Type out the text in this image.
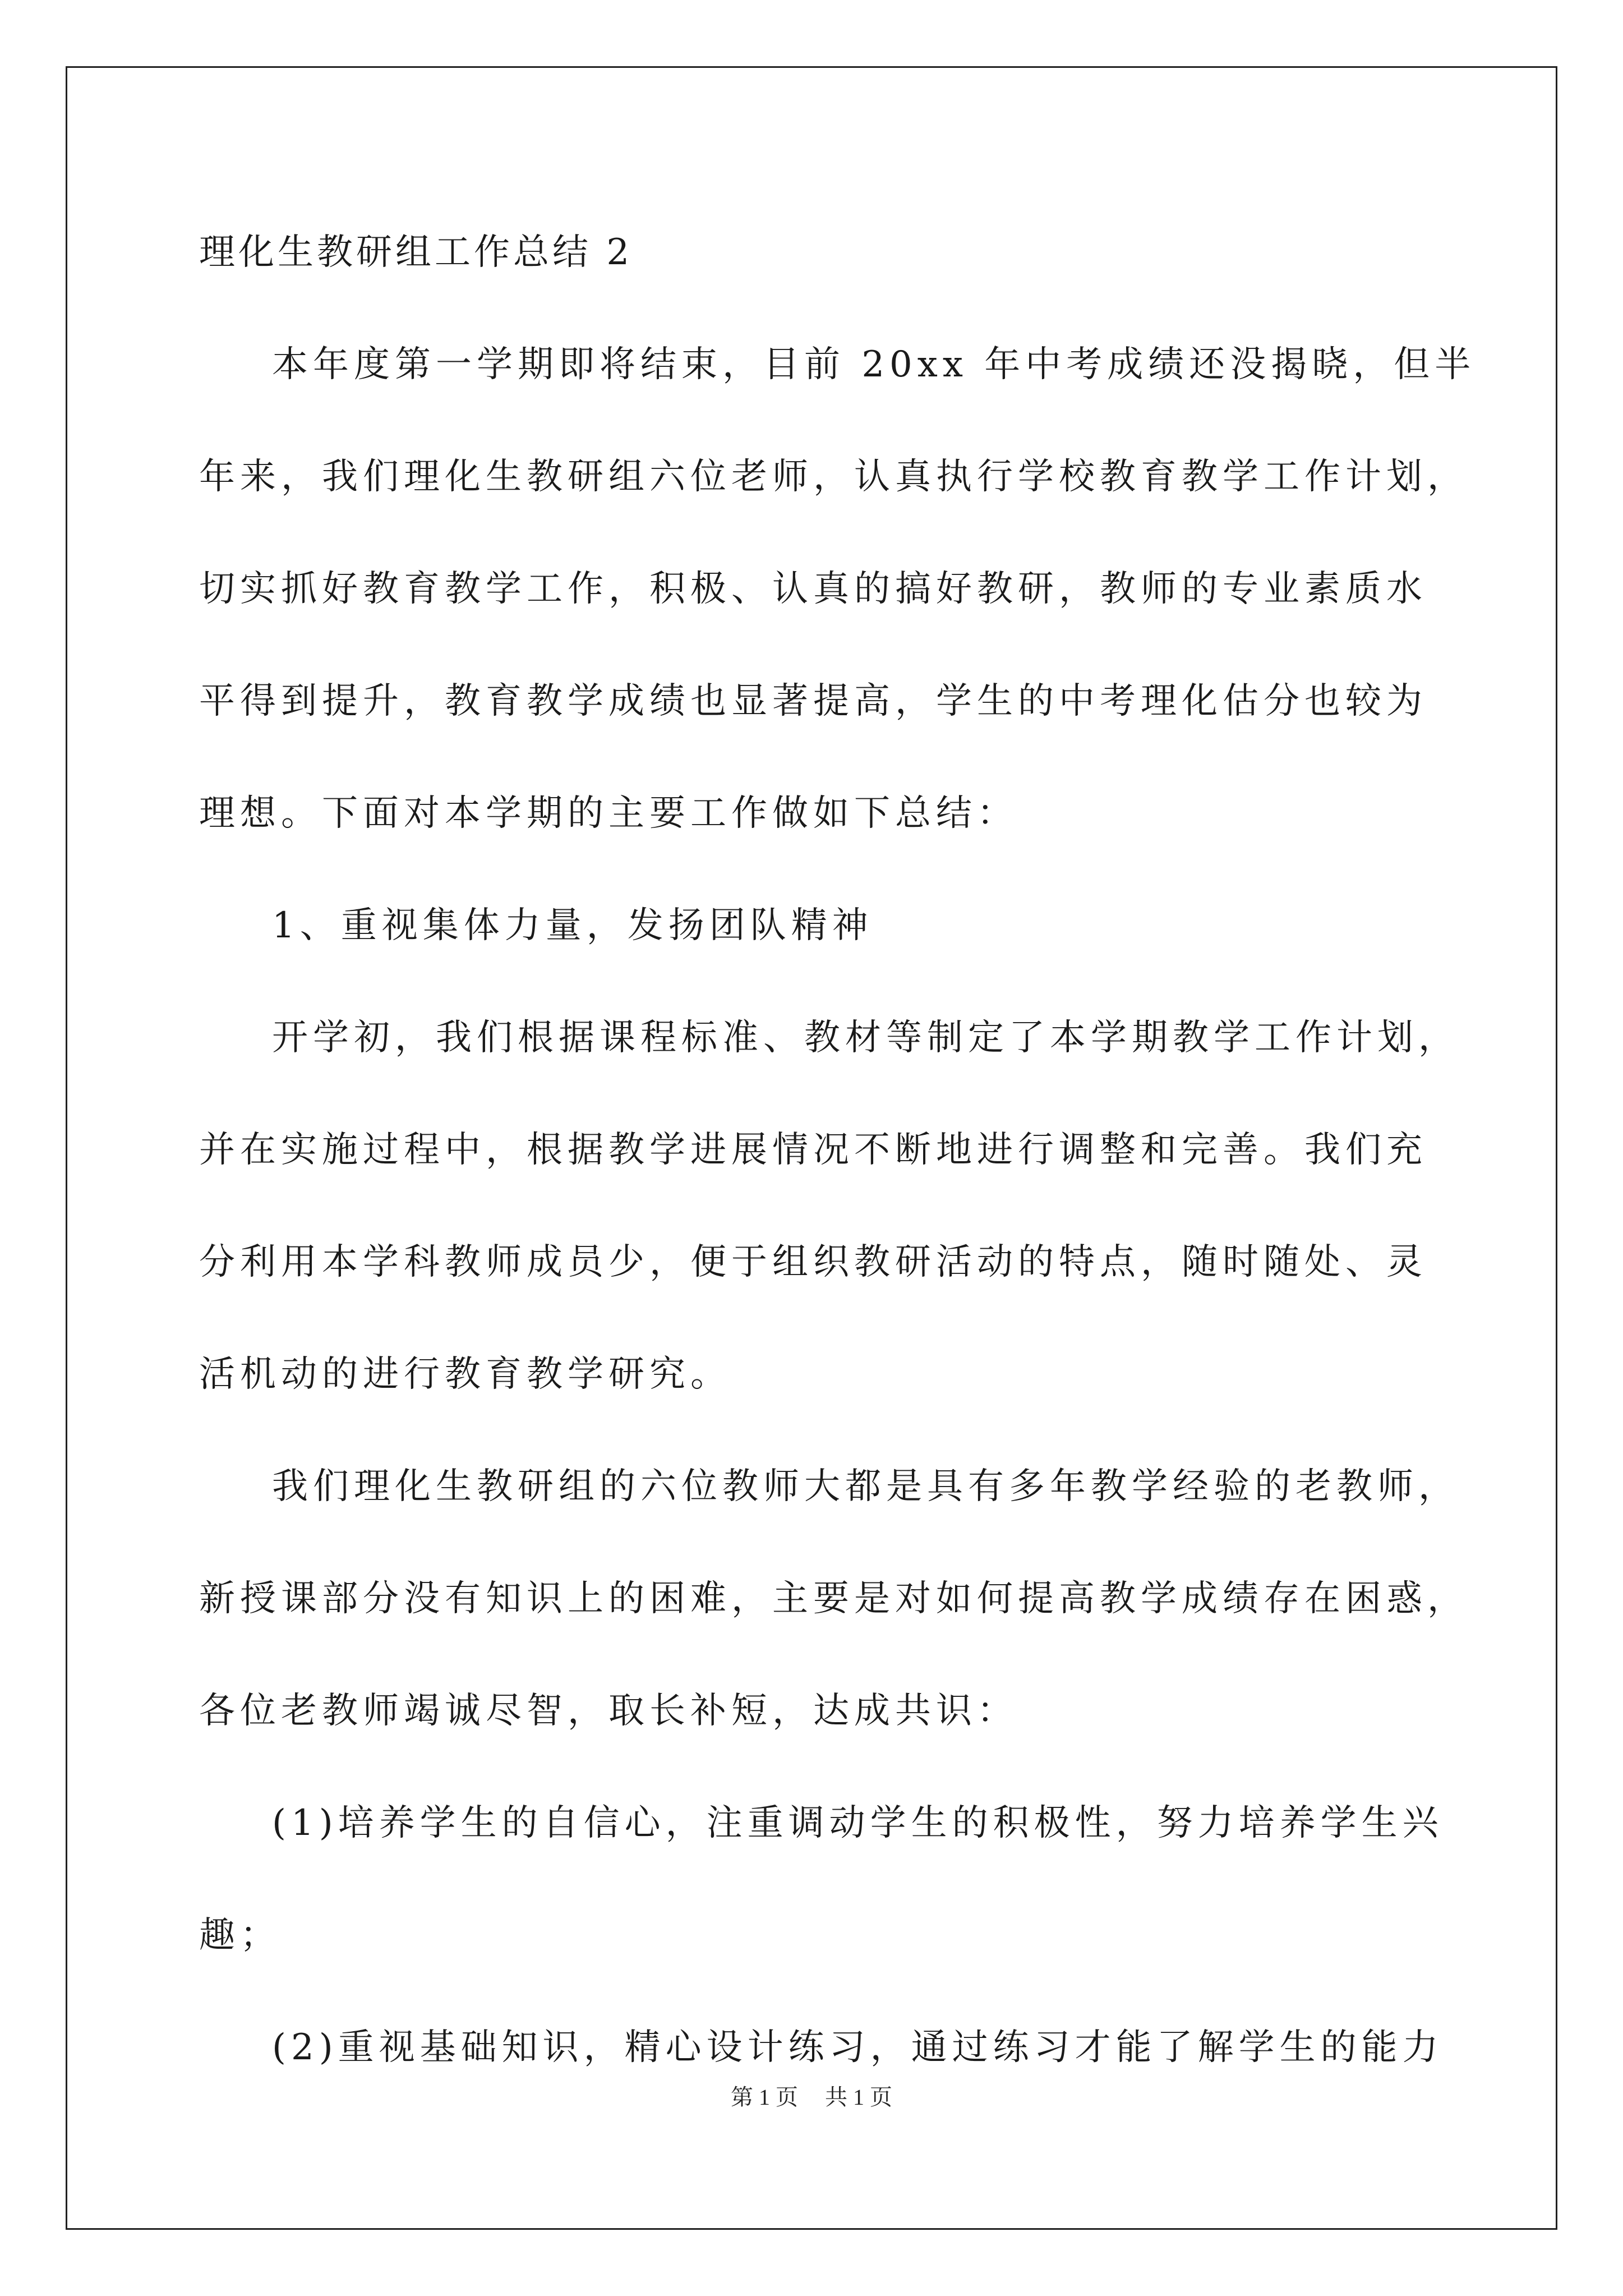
理化生教研组工作总结 2
本年度第一学期即将结束，目前 20xx 年中考成绩还没揭晓，但半
年来，我们理化生教研组六位老师，认真执行学校教育教学工作计划，
切实抓好教育教学工作，积极、认真的搞好教研，教师的专业素质水
平得到提升，教育教学成绩也显著提高，学生的中考理化估分也较为
理想。下面对本学期的主要工作做如下总结：
1、重视集体力量，发扬团队精神
开学初，我们根据课程标准、教材等制定了本学期教学工作计划，
并在实施过程中，根据教学进展情况不断地进行调整和完善。我们充
分利用本学科教师成员少，便于组织教研活动的特点，随时随处、灵
活机动的进行教育教学研究。
我们理化生教研组的六位教师大都是具有多年教学经验的老教师，
新授课部分没有知识上的困难，主要是对如何提高教学成绩存在困惑，
各位老教师竭诚尽智，取长补短，达成共识：
(1)培养学生的自信心，注重调动学生的积极性，努力培养学生兴
趣；
(2)重视基础知识，精心设计练习，通过练习才能了解学生的能力
第 1 页 共 1 页
